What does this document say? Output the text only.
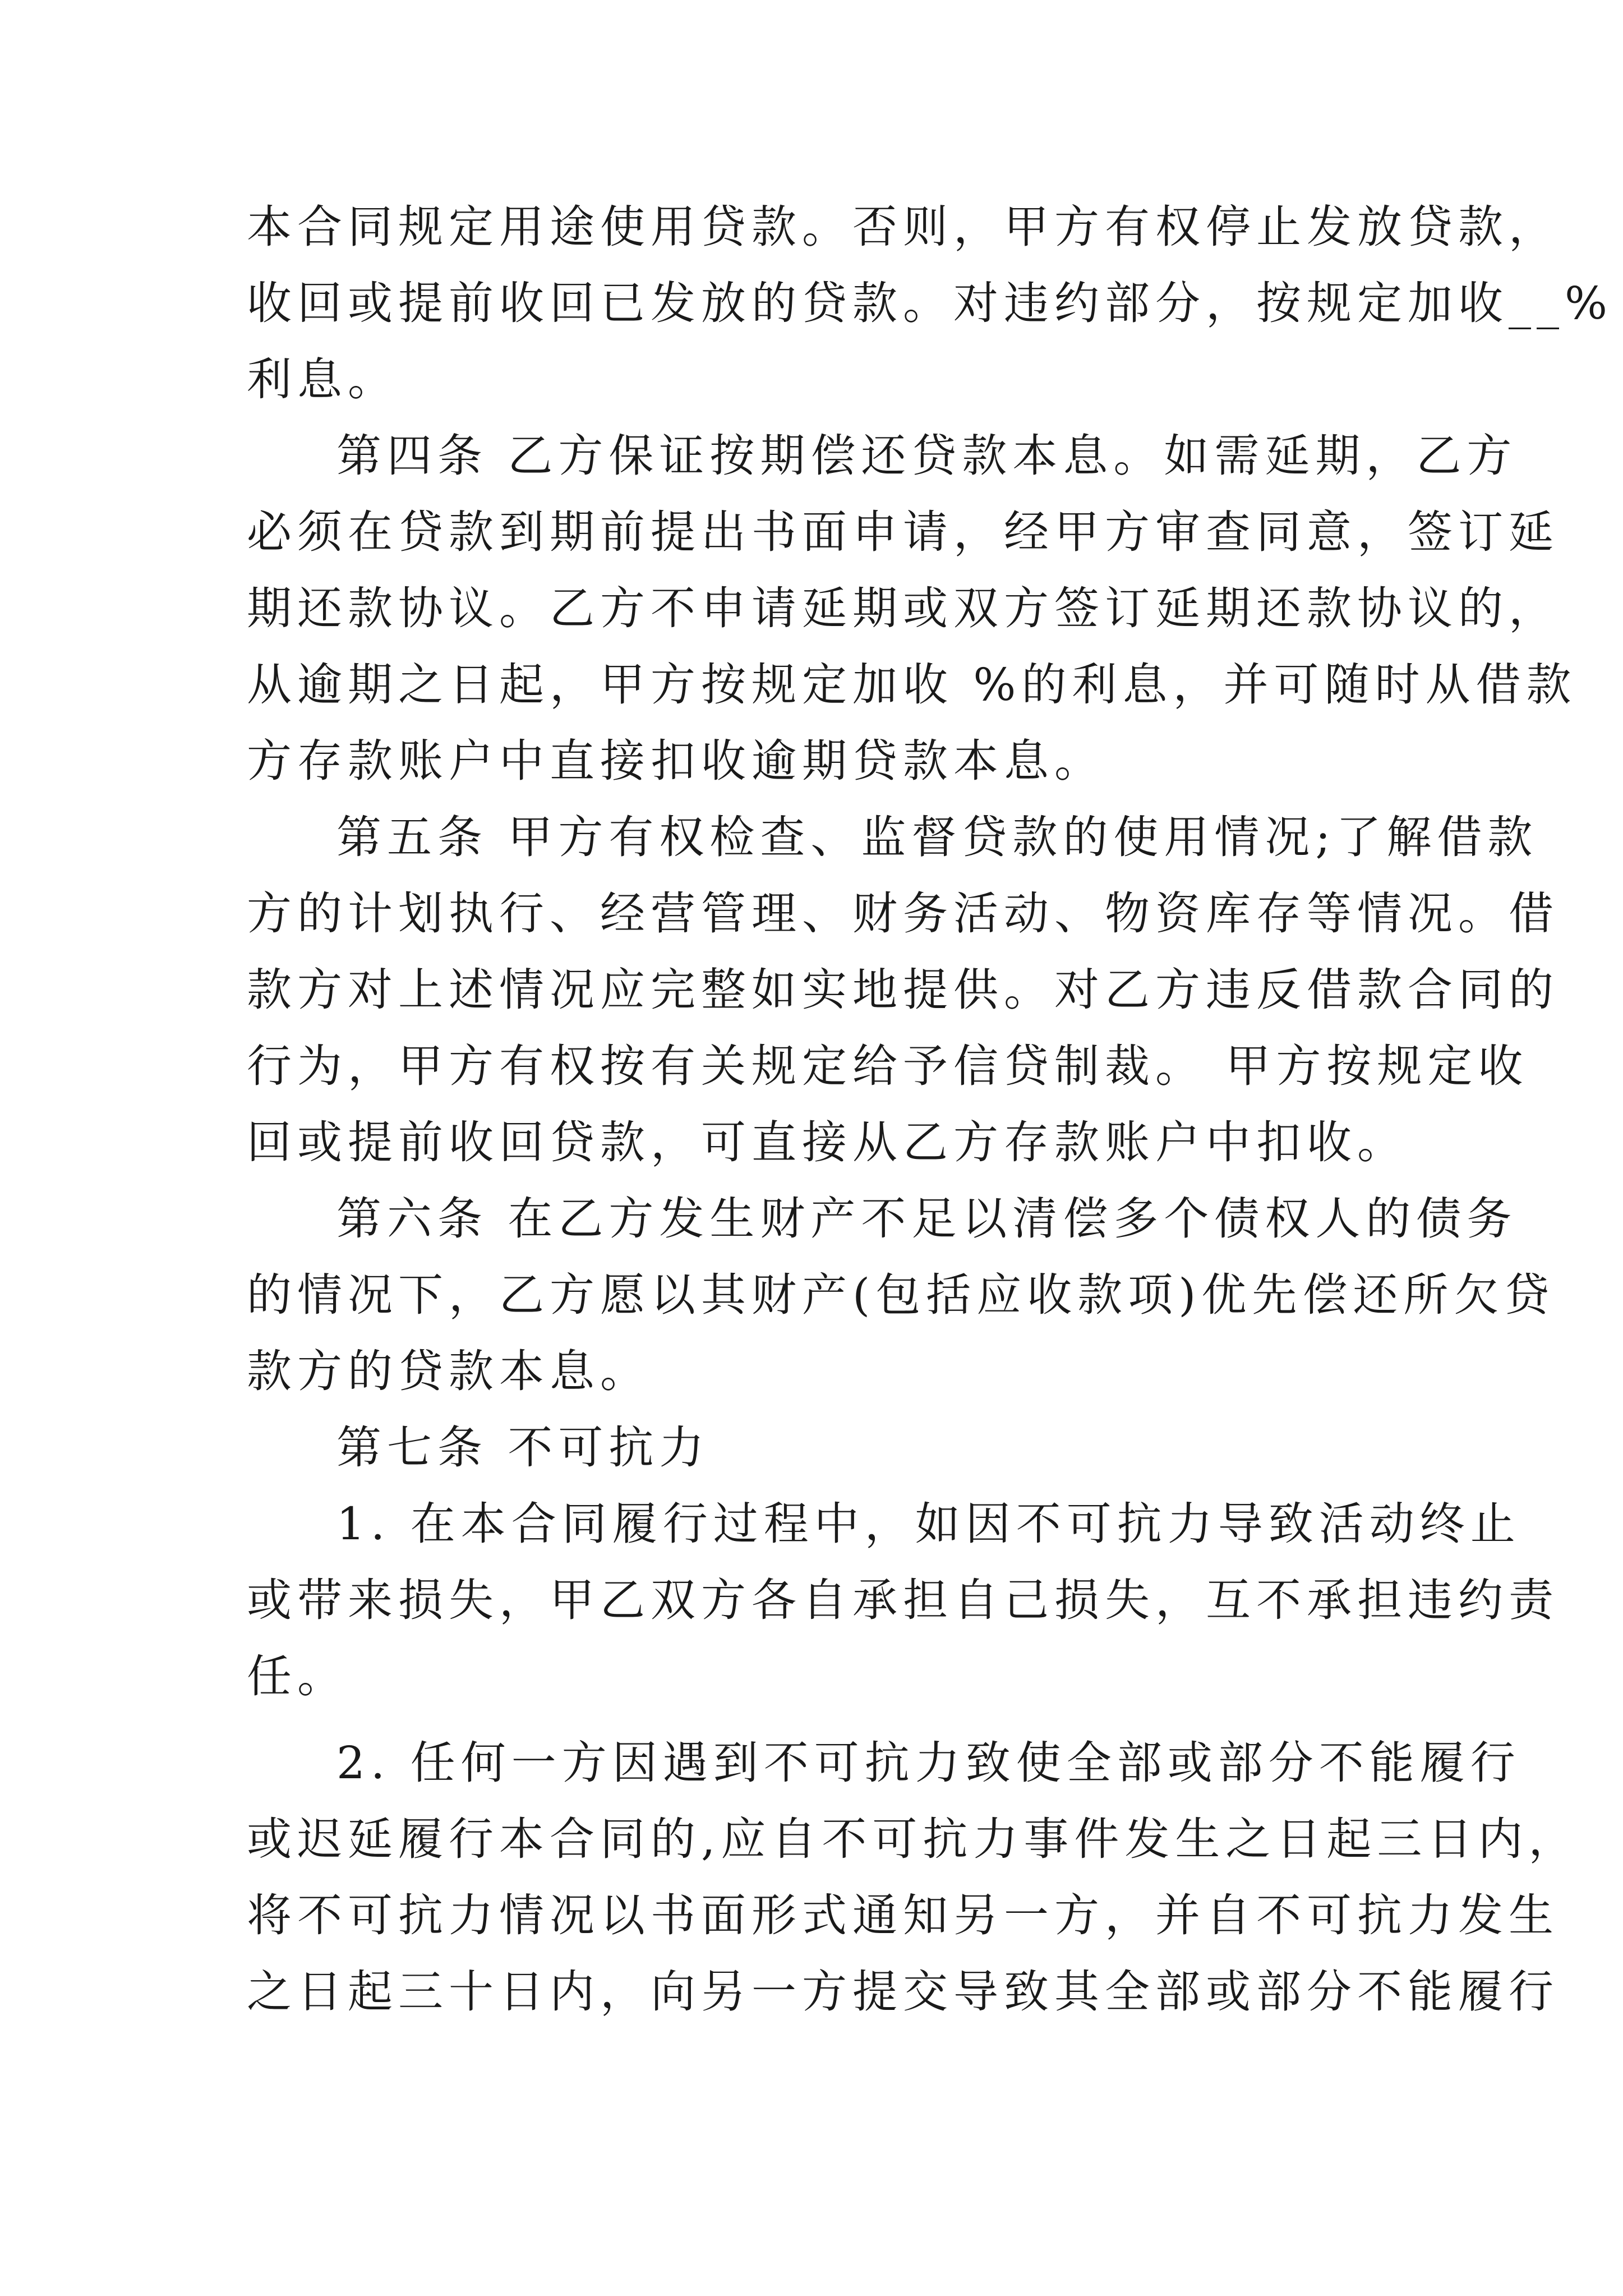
本合同规定用途使用贷款。否则，甲方有权停止发放贷款，
收回或提前收回已发放的贷款。对违约部分，按规定加收__%
利息。
第四条 乙方保证按期偿还贷款本息。如需延期，乙方
必须在贷款到期前提出书面申请，经甲方审查同意，签订延
期还款协议。乙方不申请延期或双方签订延期还款协议的，
从逾期之日起，甲方按规定加收 %的利息，并可随时从借款
方存款账户中直接扣收逾期贷款本息。
第五条 甲方有权检查、监督贷款的使用情况;了解借款
方的计划执行、经营管理、财务活动、物资库存等情况。借
款方对上述情况应完整如实地提供。对乙方违反借款合同的
行为，甲方有权按有关规定给予信贷制裁。 甲方按规定收
回或提前收回贷款，可直接从乙方存款账户中扣收。
第六条 在乙方发生财产不足以清偿多个债权人的债务
的情况下，乙方愿以其财产(包括应收款项)优先偿还所欠贷
款方的贷款本息。
第七条 不可抗力
1. 在本合同履行过程中，如因不可抗力导致活动终止
或带来损失，甲乙双方各自承担自己损失，互不承担违约责
任。
2. 任何一方因遇到不可抗力致使全部或部分不能履行
或迟延履行本合同的,应自不可抗力事件发生之日起三日内，
将不可抗力情况以书面形式通知另一方，并自不可抗力发生
之日起三十日内，向另一方提交导致其全部或部分不能履行
